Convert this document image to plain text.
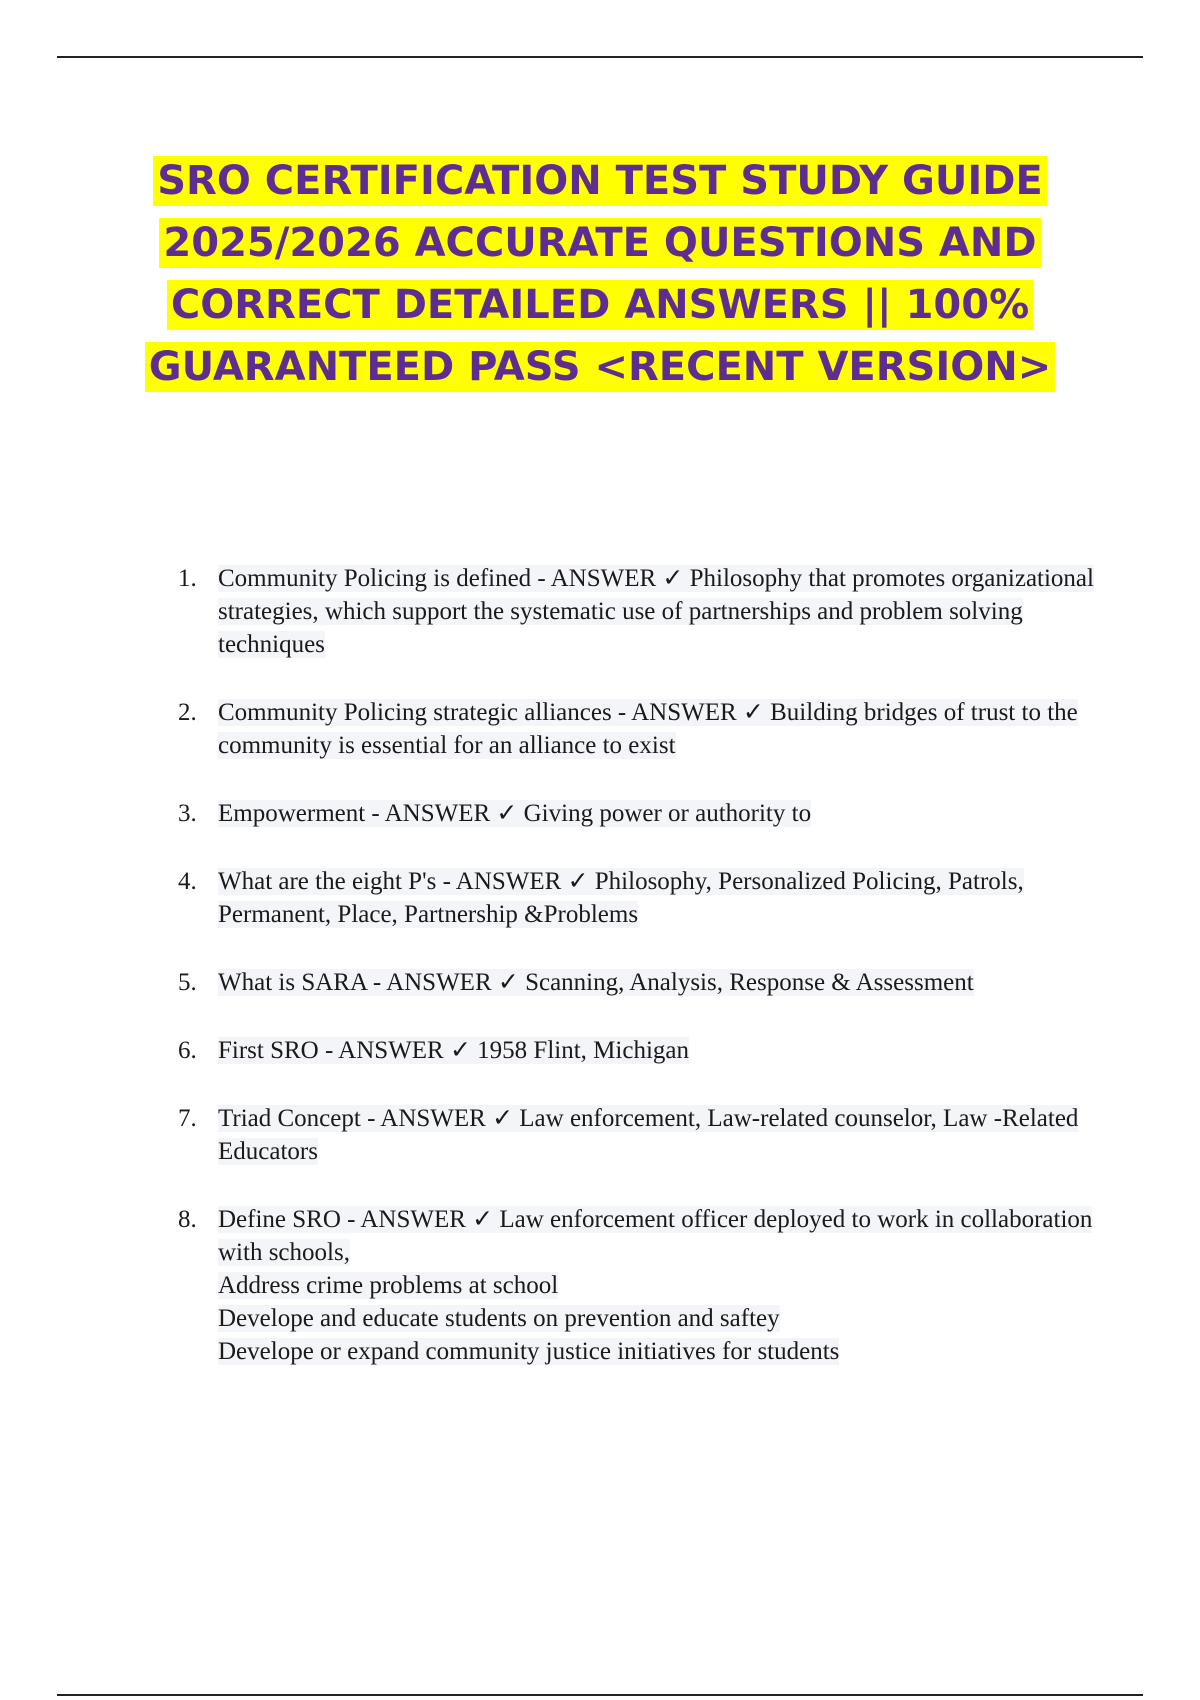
SRO CERTIFICATION TEST STUDY GUIDE 2025/2026 ACCURATE QUESTIONS AND CORRECT DETAILED ANSWERS || 100% GUARANTEED PASS <RECENT VERSION>
1. Community Policing is defined - ANSWER ✓ Philosophy that promotes organizational strategies, which support the systematic use of partnerships and problem solving techniques
2. Community Policing strategic alliances - ANSWER ✓ Building bridges of trust to the community is essential for an alliance to exist
3. Empowerment - ANSWER ✓ Giving power or authority to
4. What are the eight P's - ANSWER ✓ Philosophy, Personalized Policing, Patrols,
Permanent, Place, Partnership &Problems
5. What is SARA - ANSWER ✓ Scanning, Analysis, Response & Assessment
6. First SRO - ANSWER ✓ 1958 Flint, Michigan
7. Triad Concept - ANSWER ✓ Law enforcement, Law-related counselor, Law -Related Educators
8. Define SRO - ANSWER ✓ Law enforcement officer deployed to work in collaboration with schools,
Address crime problems at school
Develope and educate students on prevention and saftey
Develope or expand community justice initiatives for students
